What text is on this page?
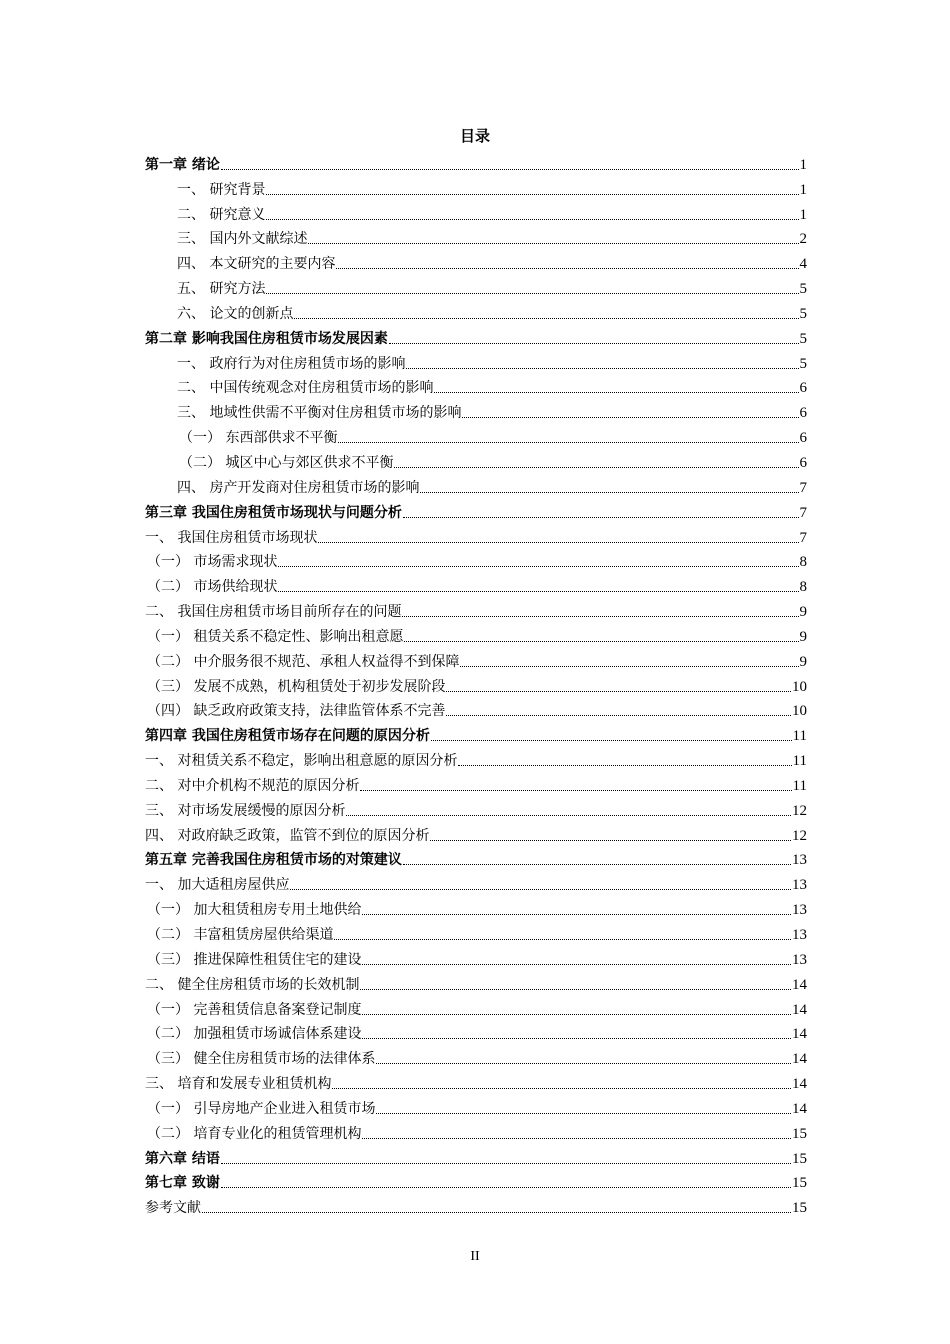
目录
第一章 绪论	1
一、 研究背景	1
二、 研究意义	1
三、 国内外文献综述	2
四、 本文研究的主要内容	4
五、 研究方法	5
六、 论文的创新点	5
第二章 影响我国住房租赁市场发展因素	5
一、 政府行为对住房租赁市场的影响	5
二、 中国传统观念对住房租赁市场的影响	6
三、 地域性供需不平衡对住房租赁市场的影响	6
（一） 东西部供求不平衡	6
（二） 城区中心与郊区供求不平衡	6
四、 房产开发商对住房租赁市场的影响	7
第三章 我国住房租赁市场现状与问题分析	7
一、 我国住房租赁市场现状	7
（一） 市场需求现状	8
（二） 市场供给现状	8
二、 我国住房租赁市场目前所存在的问题	9
（一） 租赁关系不稳定性、影响出租意愿	9
（二） 中介服务很不规范、承租人权益得不到保障	9
（三） 发展不成熟，机构租赁处于初步发展阶段	10
（四） 缺乏政府政策支持，法律监管体系不完善	10
第四章 我国住房租赁市场存在问题的原因分析	11
一、 对租赁关系不稳定，影响出租意愿的原因分析	11
二、 对中介机构不规范的原因分析	11
三、 对市场发展缓慢的原因分析	12
四、 对政府缺乏政策，监管不到位的原因分析	12
第五章 完善我国住房租赁市场的对策建议	13
一、 加大适租房屋供应	13
（一） 加大租赁租房专用土地供给	13
（二） 丰富租赁房屋供给渠道	13
（三） 推进保障性租赁住宅的建设	13
二、 健全住房租赁市场的长效机制	14
（一） 完善租赁信息备案登记制度	14
（二） 加强租赁市场诚信体系建设	14
（三） 健全住房租赁市场的法律体系	14
三、 培育和发展专业租赁机构	14
（一） 引导房地产企业进入租赁市场	14
（二） 培育专业化的租赁管理机构	15
第六章 结语	15
第七章 致谢	15
参考文献	15
II
